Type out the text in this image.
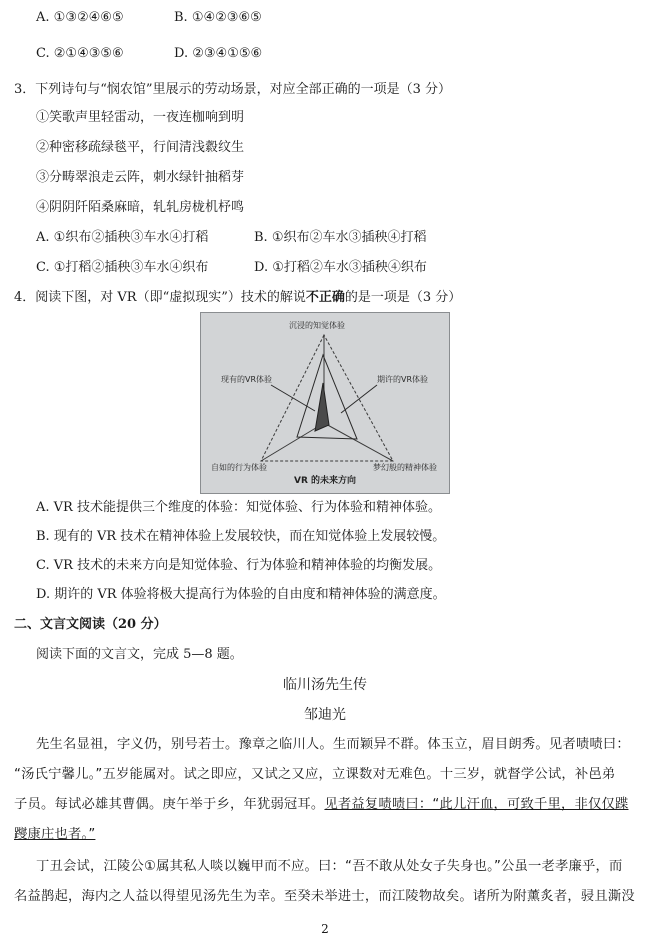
A. ①③②④⑥⑤	B. ①④②③⑥⑤
C. ②①④③⑤⑥	D. ②③④①⑤⑥
3．下列诗句与“悯农馆”里展示的劳动场景，对应全部正确的一项是（3 分）
①笑歌声里轻雷动，一夜连枷响到明
②种密移疏绿毯平，行间清浅縠纹生
③分畴翠浪走云阵，刺水绿针抽稻芽
④阴阴阡陌桑麻暗，轧轧房栊机杼鸣
A. ①织布②插秧③车水④打稻	B. ①织布②车水③插秧④打稻
C. ①打稻②插秧③车水④织布	D. ①打稻②车水③插秧④织布
4．阅读下图，对 VR（即“虚拟现实”）技术的解说不正确的是一项是（3 分）
沉浸的知觉体验
现有的VR体验	期许的VR体验
自如的行为体验	梦幻般的精神体验
VR 的未来方向
A. VR 技术能提供三个维度的体验：知觉体验、行为体验和精神体验。
B. 现有的 VR 技术在精神体验上发展较快，而在知觉体验上发展较慢。
C. VR 技术的未来方向是知觉体验、行为体验和精神体验的均衡发展。
D. 期许的 VR 体验将极大提高行为体验的自由度和精神体验的满意度。
二、文言文阅读（20 分）
阅读下面的文言文，完成 5—8 题。
临川汤先生传
邹迪光
先生名显祖，字义仍，别号若士。豫章之临川人。生而颖异不群。体玉立，眉目朗秀。见者啧啧曰：
“汤氏宁馨儿。”五岁能属对。试之即应，又试之又应，立课数对无难色。十三岁，就督学公试，补邑弟
子员。每试必雄其曹偶。庚午举于乡，年犹弱冠耳。见者益复啧啧曰：“此儿汗血，可致千里，非仅仅蹀
躞康庄也者。”
丁丑会试，江陵公①属其私人啖以巍甲而不应。曰：“吾不敢从处女子失身也。”公虽一老孝廉乎，而
名益鹊起，海内之人益以得望见汤先生为幸。至癸未举进士，而江陵物故矣。诸所为附薰炙者，骎且澌没
2
